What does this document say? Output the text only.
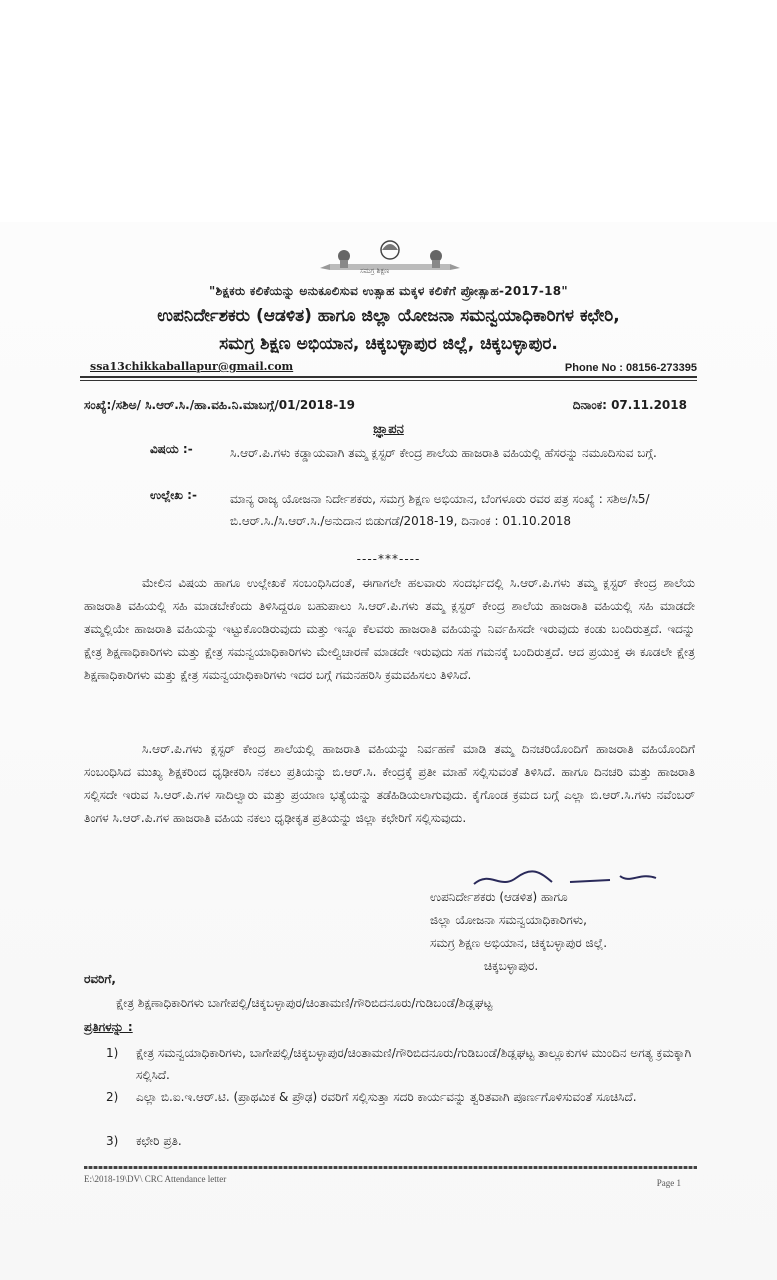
ಸಮಗ್ರ ಶಿಕ್ಷಣ
"ಶಿಕ್ಷಕರು ಕಲಿಕೆಯನ್ನು ಅನುಕೂಲಿಸುವ ಉತ್ಸಾಹ ಮಕ್ಕಳ ಕಲಿಕೆಗೆ ಪ್ರೋತ್ಸಾಹ-2017-18"
ಉಪನಿರ್ದೇಶಕರು (ಆಡಳಿತ) ಹಾಗೂ ಜಿಲ್ಲಾ ಯೋಜನಾ ಸಮನ್ವಯಾಧಿಕಾರಿಗಳ ಕಛೇರಿ,
ಸಮಗ್ರ ಶಿಕ್ಷಣ ಅಭಿಯಾನ, ಚಿಕ್ಕಬಳ್ಳಾಪುರ ಜಿಲ್ಲೆ, ಚಿಕ್ಕಬಳ್ಳಾಪುರ.
ssa13chikkaballapur@gmail.com	Phone No : 08156-273395
ಸಂಖ್ಯೆ:/ಸಶಿಅ/ ಸಿ.ಆರ್.ಸಿ./ಹಾ.ವಹಿ.ನಿ.ಮಾಬಗ್ಗೆ/01/2018-19	ದಿನಾಂಕ: 07.11.2018
ಜ್ಞಾಪನ
ವಿಷಯ :-	ಸಿ.ಆರ್.ಪಿ.ಗಳು ಕಡ್ಡಾಯವಾಗಿ ತಮ್ಮ ಕ್ಲಸ್ಟರ್ ಕೇಂದ್ರ ಶಾಲೆಯ ಹಾಜರಾತಿ ವಹಿಯಲ್ಲಿ ಹೆಸರನ್ನು ನಮೂದಿಸುವ ಬಗ್ಗೆ.
ಉಲ್ಲೇಖ :-	ಮಾನ್ಯ ರಾಜ್ಯ ಯೋಜನಾ ನಿರ್ದೇಶಕರು, ಸಮಗ್ರ ಶಿಕ್ಷಣ ಅಭಿಯಾನ, ಬೆಂಗಳೂರು ರವರ ಪತ್ರ ಸಂಖ್ಯೆ : ಸಶಿಅ/ಸಿ5/ಬಿ.ಆರ್.ಸಿ./ಸಿ.ಆರ್.ಸಿ./ಅನುದಾನ ಬಿಡುಗಡೆ/2018-19, ದಿನಾಂಕ : 01.10.2018
----***----
ಮೇಲಿನ ವಿಷಯ ಹಾಗೂ ಉಲ್ಲೇಖಕೆ ಸಂಬಂಧಿಸಿದಂತೆ, ಈಗಾಗಲೇ ಹಲವಾರು ಸಂದರ್ಭದಲ್ಲಿ ಸಿ.ಆರ್.ಪಿ.ಗಳು ತಮ್ಮ ಕ್ಲಸ್ಟರ್ ಕೇಂದ್ರ ಶಾಲೆಯ ಹಾಜರಾತಿ ವಹಿಯಲ್ಲಿ ಸಹಿ ಮಾಡಬೇಕೆಂದು ತಿಳಿಸಿದ್ದರೂ ಬಹುಪಾಲು ಸಿ.ಆರ್.ಪಿ.ಗಳು ತಮ್ಮ ಕ್ಲಸ್ಟರ್ ಕೇಂದ್ರ ಶಾಲೆಯ ಹಾಜರಾತಿ ವಹಿಯಲ್ಲಿ ಸಹಿ ಮಾಡದೇ ತಮ್ಮಲ್ಲಿಯೇ ಹಾಜರಾತಿ ವಹಿಯನ್ನು ಇಟ್ಟುಕೊಂಡಿರುವುದು ಮತ್ತು ಇನ್ನೂ ಕೆಲವರು ಹಾಜರಾತಿ ವಹಿಯನ್ನು ನಿರ್ವಹಿಸದೇ ಇರುವುದು ಕಂಡು ಬಂದಿರುತ್ತದೆ. ಇದನ್ನು ಕ್ಷೇತ್ರ ಶಿಕ್ಷಣಾಧಿಕಾರಿಗಳು ಮತ್ತು ಕ್ಷೇತ್ರ ಸಮನ್ವಯಾಧಿಕಾರಿಗಳು ಮೇಲ್ವಿಚಾರಣೆ ಮಾಡದೇ ಇರುವುದು ಸಹ ಗಮನಕ್ಕೆ ಬಂದಿರುತ್ತದೆ. ಆದ ಪ್ರಯುಕ್ತ ಈ ಕೂಡಲೇ ಕ್ಷೇತ್ರ ಶಿಕ್ಷಣಾಧಿಕಾರಿಗಳು ಮತ್ತು ಕ್ಷೇತ್ರ ಸಮನ್ವಯಾಧಿಕಾರಿಗಳು ಇದರ ಬಗ್ಗೆ ಗಮನಹರಿಸಿ ಕ್ರಮವಹಿಸಲು ತಿಳಿಸಿದೆ.
ಸಿ.ಆರ್.ಪಿ.ಗಳು ಕ್ಲಸ್ಟರ್ ಕೇಂದ್ರ ಶಾಲೆಯಲ್ಲಿ ಹಾಜರಾತಿ ವಹಿಯನ್ನು ನಿರ್ವಹಣೆ ಮಾಡಿ ತಮ್ಮ ದಿನಚರಿಯೊಂದಿಗೆ ಹಾಜರಾತಿ ವಹಿಯೊಂದಿಗೆ ಸಂಬಂಧಿಸಿದ ಮುಖ್ಯ ಶಿಕ್ಷಕರಿಂದ ಧೃಢೀಕರಿಸಿ ನಕಲು ಪ್ರತಿಯನ್ನು ಬಿ.ಆರ್.ಸಿ. ಕೇಂದ್ರಕ್ಕೆ ಪ್ರತೀ ಮಾಹೆ ಸಲ್ಲಿಸುವಂತೆ ತಿಳಿಸಿದೆ. ಹಾಗೂ ದಿನಚರಿ ಮತ್ತು ಹಾಜರಾತಿ ಸಲ್ಲಿಸದೇ ಇರುವ ಸಿ.ಆರ್.ಪಿ.ಗಳ ಸಾದಿಲ್ವಾರು ಮತ್ತು ಪ್ರಯಾಣ ಭತ್ಯೆಯನ್ನು ತಡೆಹಿಡಿಯಲಾಗುವುದು. ಕೈಗೊಂಡ ಕ್ರಮದ ಬಗ್ಗೆ ಎಲ್ಲಾ ಬಿ.ಆರ್.ಸಿ.ಗಳು ನವೆಂಬರ್ ತಿಂಗಳ ಸಿ.ಆರ್.ಪಿ.ಗಳ ಹಾಜರಾತಿ ವಹಿಯ ನಕಲು ಧೃಢೀಕೃತ ಪ್ರತಿಯನ್ನು ಜಿಲ್ಲಾ ಕಛೇರಿಗೆ ಸಲ್ಲಿಸುವುದು.
ಉಪನಿರ್ದೇಶಕರು (ಆಡಳಿತ) ಹಾಗೂ
ಜಿಲ್ಲಾ ಯೋಜನಾ ಸಮನ್ವಯಾಧಿಕಾರಿಗಳು,
ಸಮಗ್ರ ಶಿಕ್ಷಣ ಅಭಿಯಾನ, ಚಿಕ್ಕಬಳ್ಳಾಪುರ ಜಿಲ್ಲೆ.
ಚಿಕ್ಕಬಳ್ಳಾಪುರ.
ರವರಿಗೆ,
ಕ್ಷೇತ್ರ ಶಿಕ್ಷಣಾಧಿಕಾರಿಗಳು ಬಾಗೇಪಲ್ಲಿ/ಚಿಕ್ಕಬಳ್ಳಾಪುರ/ಚಿಂತಾಮಣಿ/ಗೌರಿಬಿದನೂರು/ಗುಡಿಬಂಡೆ/ಶಿಡ್ಲಘಟ್ಟ
ಪ್ರತಿಗಳನ್ನು :
1) ಕ್ಷೇತ್ರ ಸಮನ್ವಯಾಧಿಕಾರಿಗಳು, ಬಾಗೇಪಲ್ಲಿ/ಚಿಕ್ಕಬಳ್ಳಾಪುರ/ಚಿಂತಾಮಣಿ/ಗೌರಿಬಿದನೂರು/ಗುಡಿಬಂಡೆ/ಶಿಡ್ಲಘಟ್ಟ ತಾಲ್ಲೂಕುಗಳ ಮುಂದಿನ ಅಗತ್ಯ ಕ್ರಮಕ್ಕಾಗಿ ಸಲ್ಲಿಸಿದೆ.
2) ಎಲ್ಲಾ ಬಿ.ಐ.ಇ.ಆರ್.ಟಿ. (ಪ್ರಾಥಮಿಕ & ಪ್ರೌಢ) ರವರಿಗೆ ಸಲ್ಲಿಸುತ್ತಾ ಸದರಿ ಕಾರ್ಯವನ್ನು ತ್ವರಿತವಾಗಿ ಪೂರ್ಣಗೊಳಿಸುವಂತೆ ಸೂಚಿಸಿದೆ.
3) ಕಛೇರಿ ಪ್ರತಿ.
E:\2018-19\DV\ CRC Attendance letter	Page 1
